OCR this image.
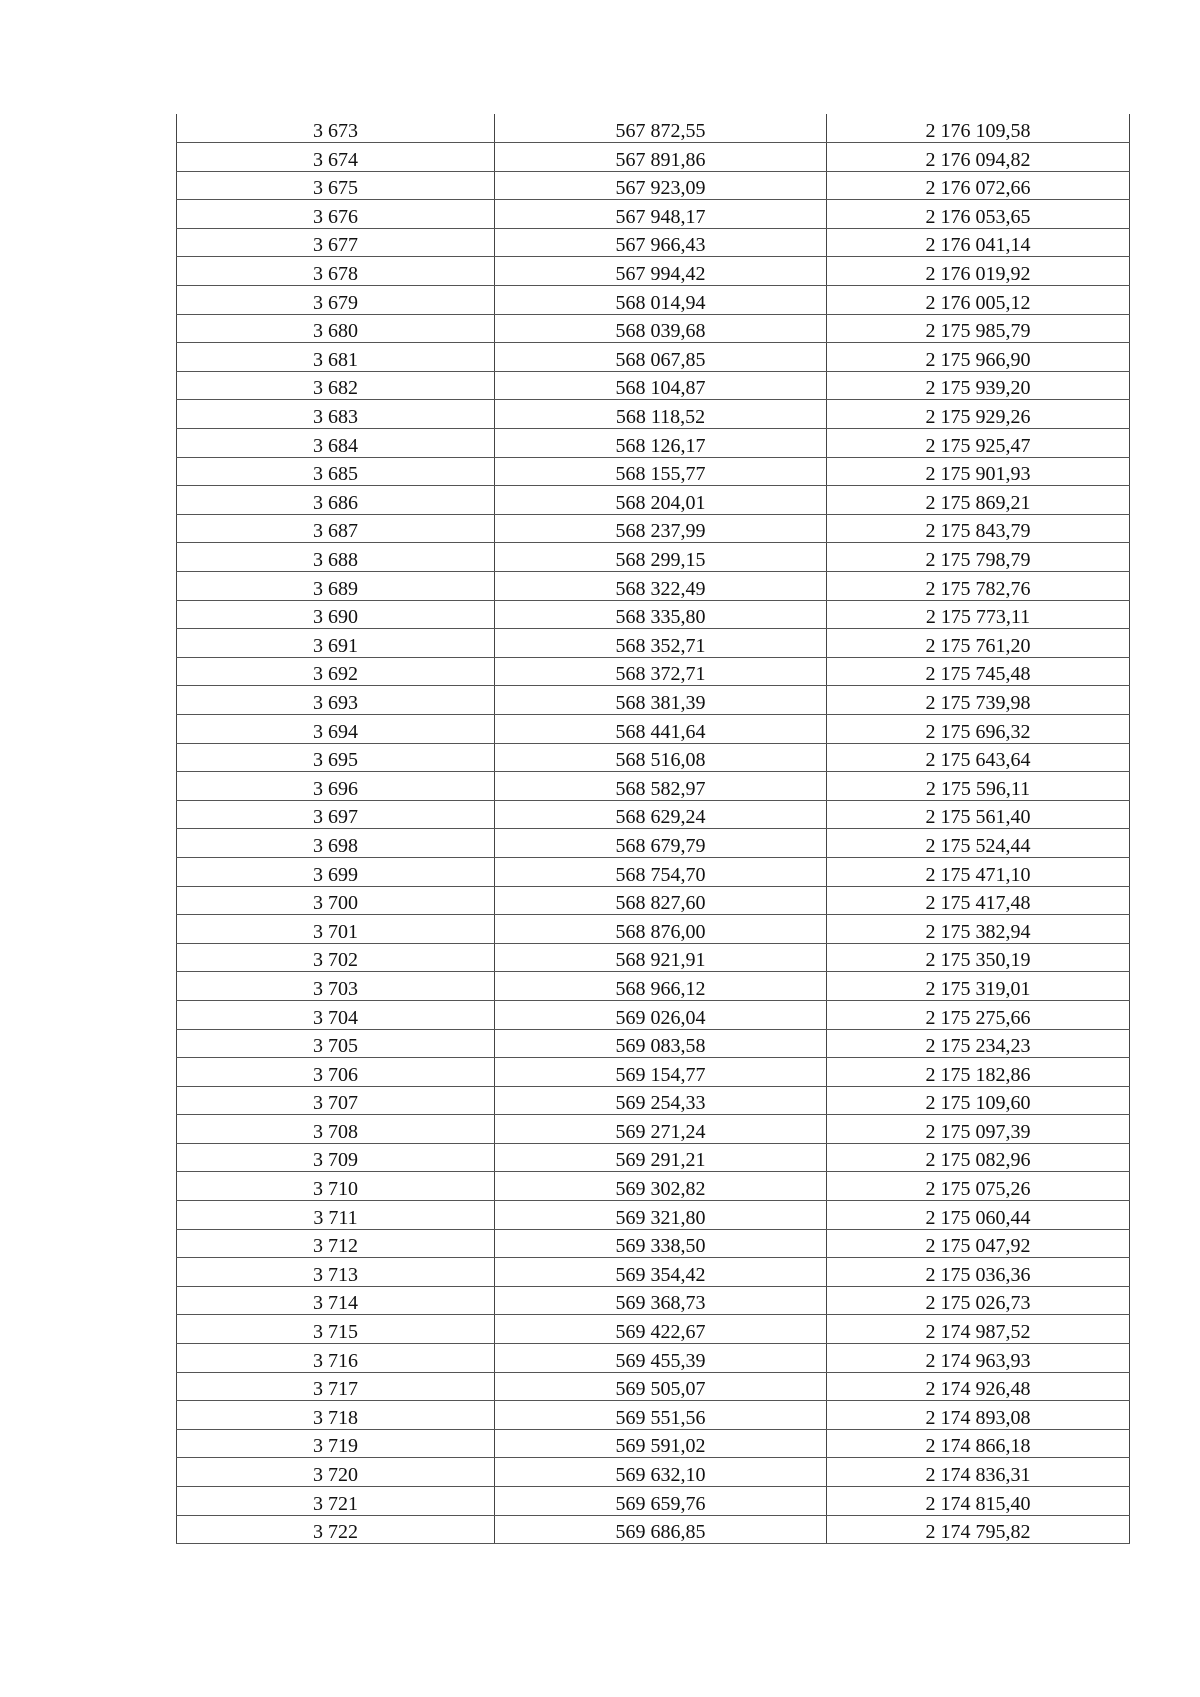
3 673	567 872,55	2 176 109,58
3 674	567 891,86	2 176 094,82
3 675	567 923,09	2 176 072,66
3 676	567 948,17	2 176 053,65
3 677	567 966,43	2 176 041,14
3 678	567 994,42	2 176 019,92
3 679	568 014,94	2 176 005,12
3 680	568 039,68	2 175 985,79
3 681	568 067,85	2 175 966,90
3 682	568 104,87	2 175 939,20
3 683	568 118,52	2 175 929,26
3 684	568 126,17	2 175 925,47
3 685	568 155,77	2 175 901,93
3 686	568 204,01	2 175 869,21
3 687	568 237,99	2 175 843,79
3 688	568 299,15	2 175 798,79
3 689	568 322,49	2 175 782,76
3 690	568 335,80	2 175 773,11
3 691	568 352,71	2 175 761,20
3 692	568 372,71	2 175 745,48
3 693	568 381,39	2 175 739,98
3 694	568 441,64	2 175 696,32
3 695	568 516,08	2 175 643,64
3 696	568 582,97	2 175 596,11
3 697	568 629,24	2 175 561,40
3 698	568 679,79	2 175 524,44
3 699	568 754,70	2 175 471,10
3 700	568 827,60	2 175 417,48
3 701	568 876,00	2 175 382,94
3 702	568 921,91	2 175 350,19
3 703	568 966,12	2 175 319,01
3 704	569 026,04	2 175 275,66
3 705	569 083,58	2 175 234,23
3 706	569 154,77	2 175 182,86
3 707	569 254,33	2 175 109,60
3 708	569 271,24	2 175 097,39
3 709	569 291,21	2 175 082,96
3 710	569 302,82	2 175 075,26
3 711	569 321,80	2 175 060,44
3 712	569 338,50	2 175 047,92
3 713	569 354,42	2 175 036,36
3 714	569 368,73	2 175 026,73
3 715	569 422,67	2 174 987,52
3 716	569 455,39	2 174 963,93
3 717	569 505,07	2 174 926,48
3 718	569 551,56	2 174 893,08
3 719	569 591,02	2 174 866,18
3 720	569 632,10	2 174 836,31
3 721	569 659,76	2 174 815,40
3 722	569 686,85	2 174 795,82
